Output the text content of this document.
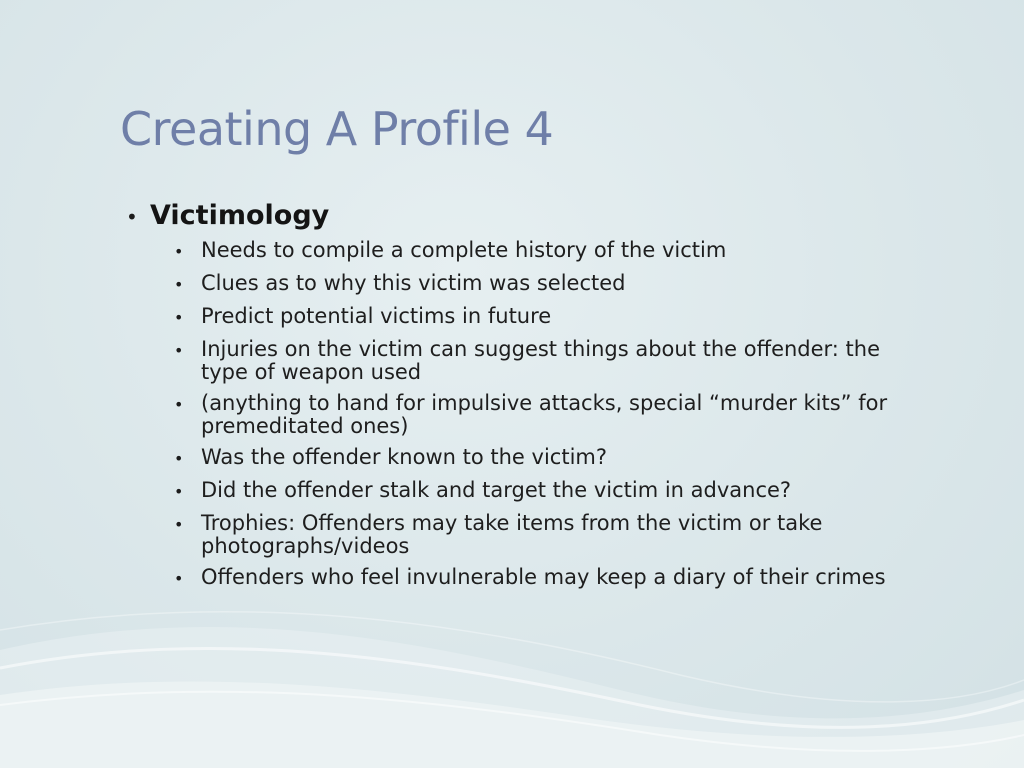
Creating A Profile 4
• Victimology
• Needs to compile a complete history of the victim
• Clues as to why this victim was selected
• Predict potential victims in future
• Injuries on the victim can suggest things about the offender: the type of weapon used
• (anything to hand for impulsive attacks, special “murder kits” for premeditated ones)
• Was the offender known to the victim?
• Did the offender stalk and target the victim in advance?
• Trophies: Offenders may take items from the victim or take photographs/videos
• Offenders who feel invulnerable may keep a diary of their crimes
